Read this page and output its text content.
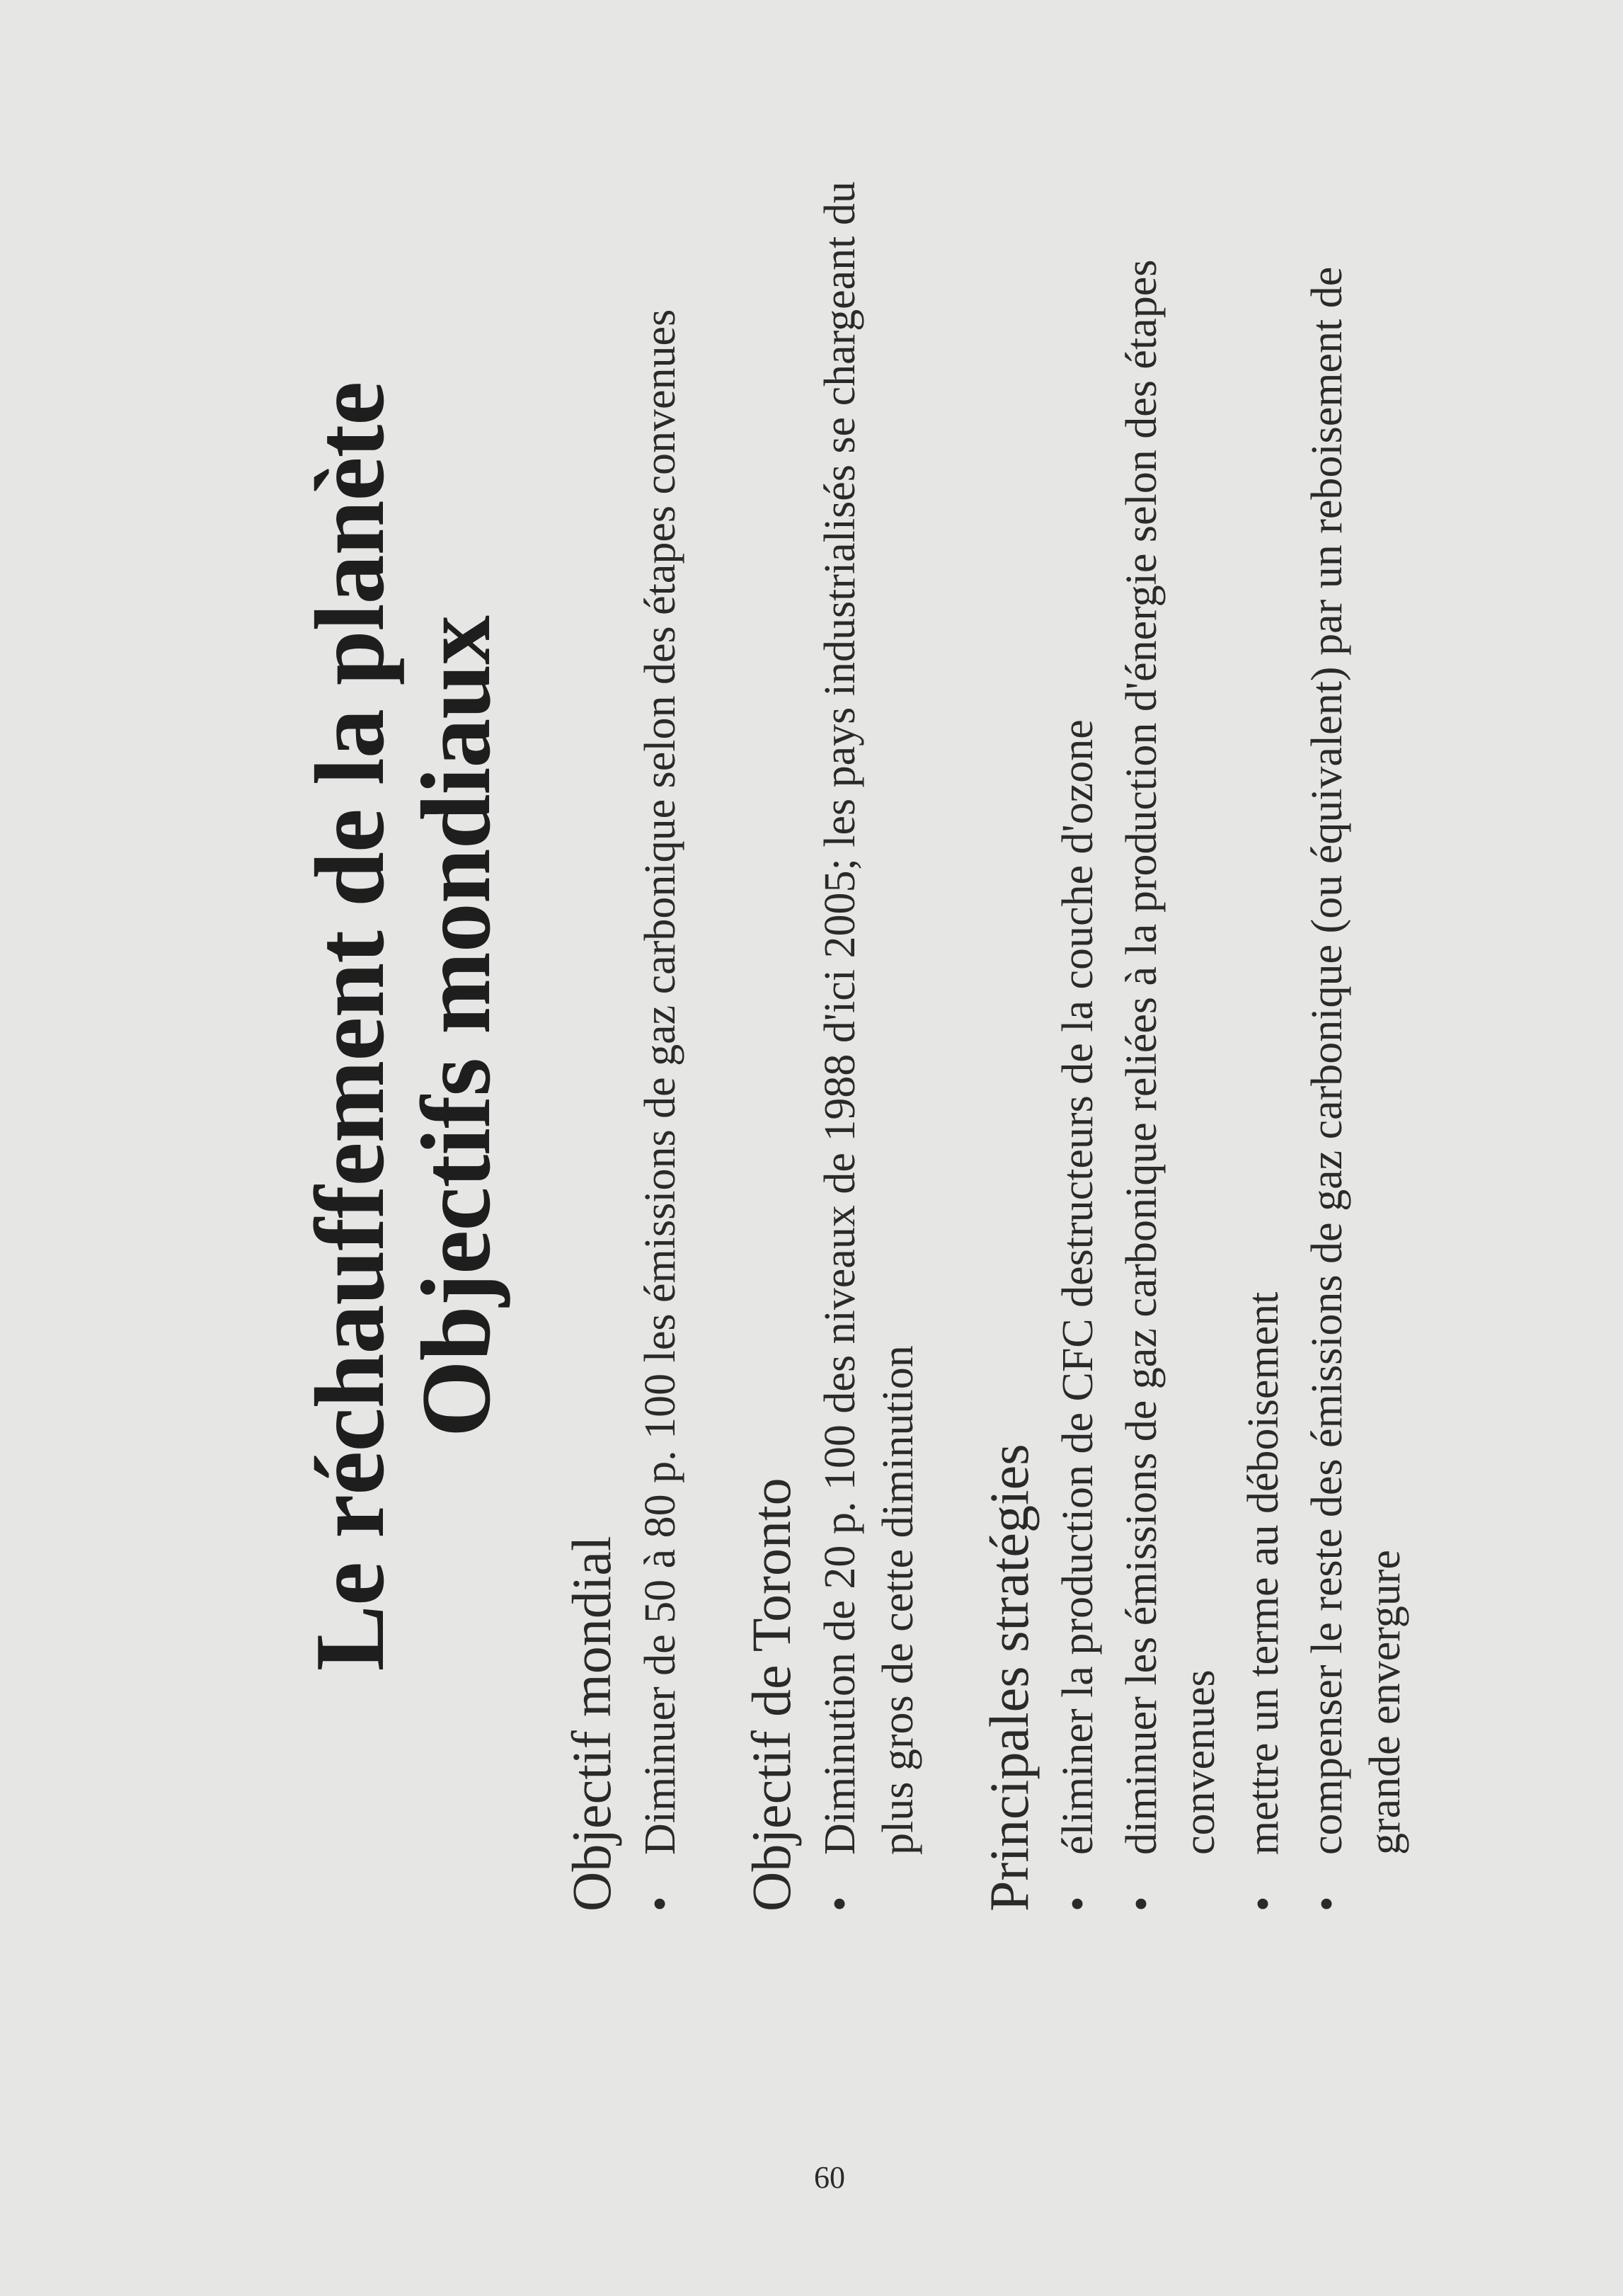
Le réchauffement de la planète
Objectifs mondiaux
Objectif mondial •
Diminuer de 50 à 80 p. 100 les émissions de gaz carbonique selon des étapes convenues Objectif de Toronto •
Diminution de 20 p. 100 des niveaux de 1988 d'ici 2005; les pays industrialisés se chargeant du plus gros de cette diminution Principales stratégies •
éliminer la production de CFC destructeurs de la couche d'ozone
•
diminuer les émissions de gaz carbonique reliées à la production d'énergie selon des étapes convenues
•
mettre un terme au déboisement
•
compenser le reste des émissions de gaz carbonique (ou équivalent) par un reboisement de grande envergure
60
